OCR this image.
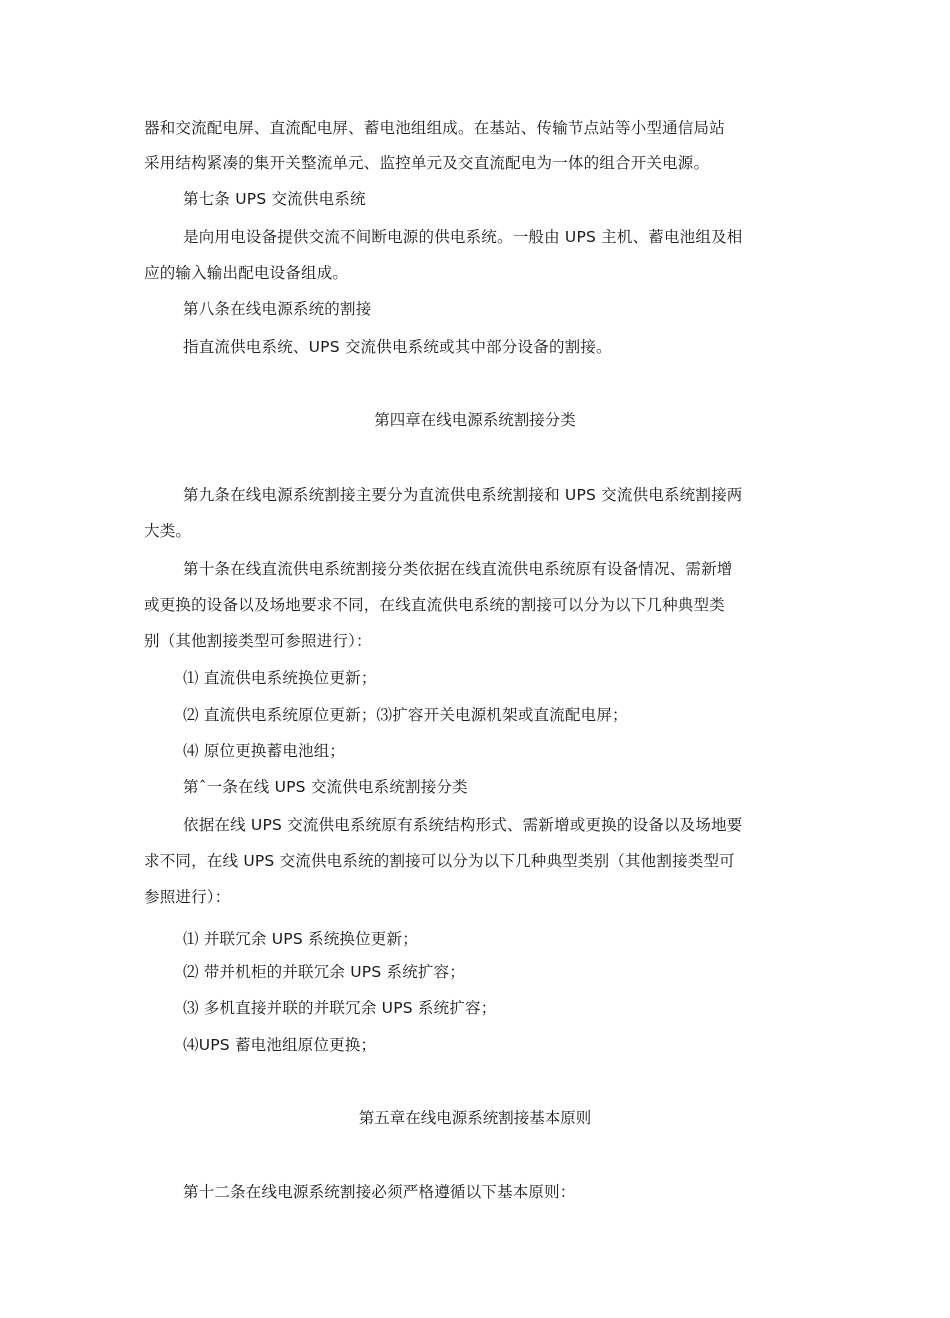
器和交流配电屏、直流配电屏、蓄电池组组成。在基站、传输节点站等小型通信局站
采用结构紧凑的集开关整流单元、监控单元及交直流配电为一体的组合开关电源。
第七条 UPS 交流供电系统
是向用电设备提供交流不间断电源的供电系统。一般由 UPS 主机、蓄电池组及相
应的输入输出配电设备组成。
第八条在线电源系统的割接
指直流供电系统、UPS 交流供电系统或其中部分设备的割接。
第四章在线电源系统割接分类
第九条在线电源系统割接主要分为直流供电系统割接和 UPS 交流供电系统割接两
大类。
第十条在线直流供电系统割接分类依据在线直流供电系统原有设备情况、需新增
或更换的设备以及场地要求不同，在线直流供电系统的割接可以分为以下几种典型类
别（其他割接类型可参照进行）：
⑴ 直流供电系统换位更新；
⑵ 直流供电系统原位更新；⑶扩容开关电源机架或直流配电屏；
⑷ 原位更换蓄电池组；
第ˆ一条在线 UPS 交流供电系统割接分类
依据在线 UPS 交流供电系统原有系统结构形式、需新增或更换的设备以及场地要
求不同，在线 UPS 交流供电系统的割接可以分为以下几种典型类别（其他割接类型可
参照进行）：
⑴ 并联冗余 UPS 系统换位更新；
⑵ 带并机柜的并联冗余 UPS 系统扩容；
⑶ 多机直接并联的并联冗余 UPS 系统扩容；
⑷UPS 蓄电池组原位更换；
第五章在线电源系统割接基本原则
第十二条在线电源系统割接必须严格遵循以下基本原则：
